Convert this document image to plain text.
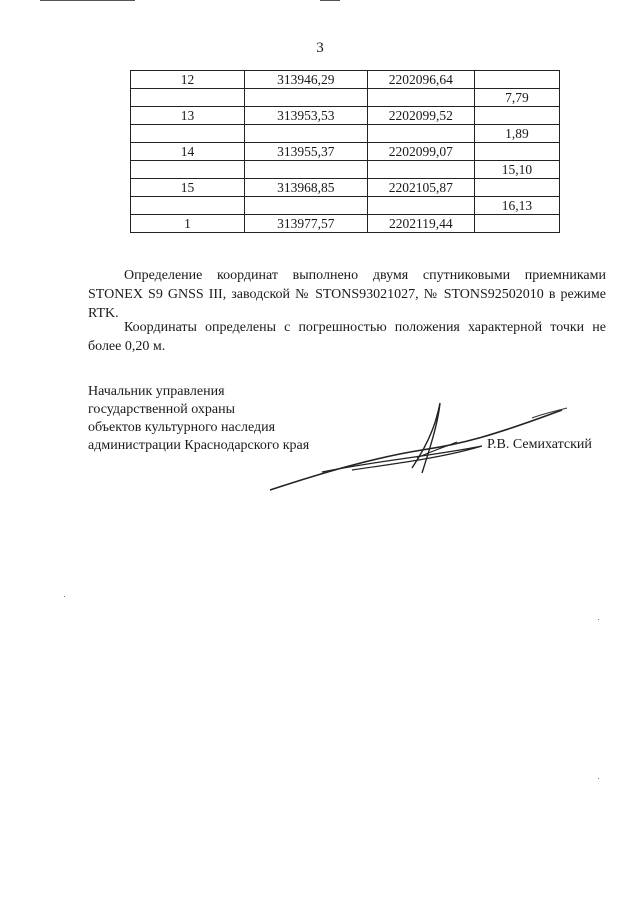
3
12	313946,29	2202096,64	
			7,79
13	313953,53	2202099,52	
			1,89
14	313955,37	2202099,07	
			15,10
15	313968,85	2202105,87	
			16,13
1	313977,57	2202119,44	

Определение координат выполнено двумя спутниковыми приемниками STONEX S9 GNSS III, заводской № STONS93021027, № STONS92502010 в режиме RTK.

Координаты определены с погрешностью положения характерной точки не более 0,20 м.

Начальник управления
государственной охраны
объектов культурного наследия
администрации Краснодарского края	Р.В. Семихатский
